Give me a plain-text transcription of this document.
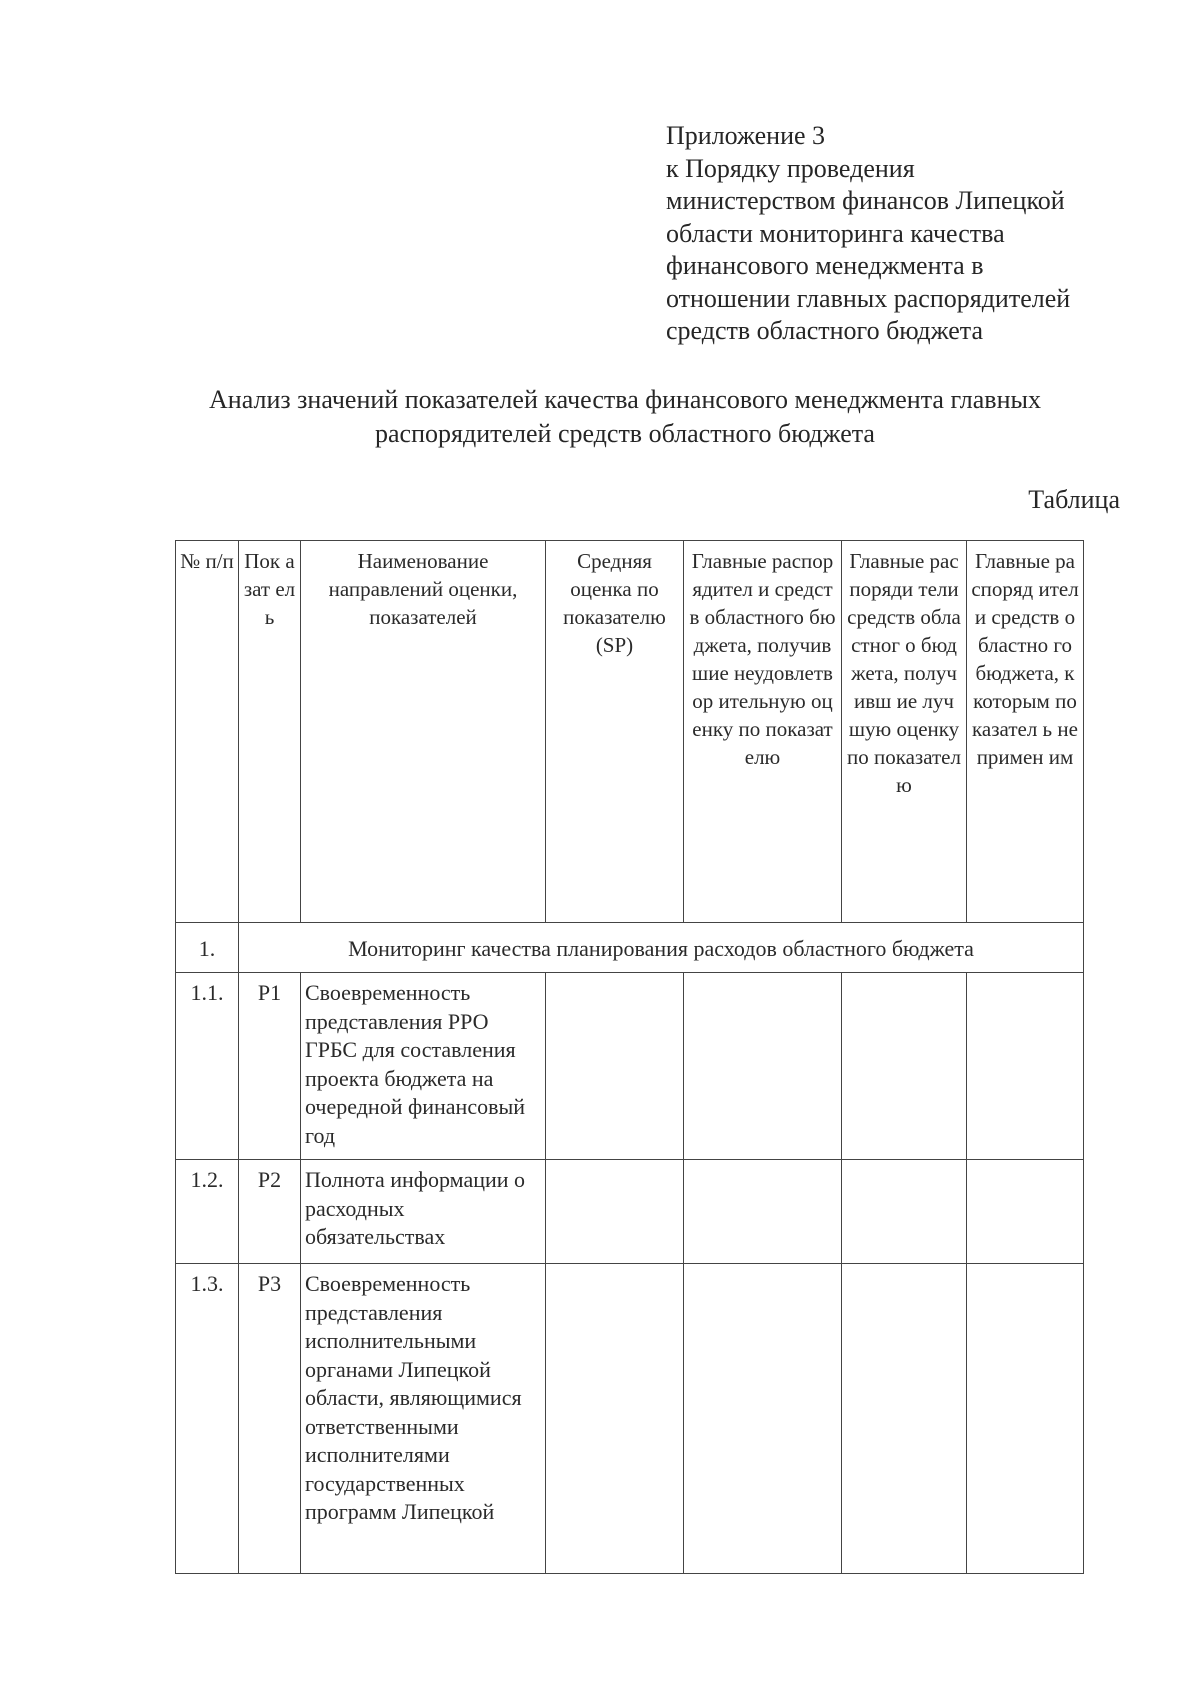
Приложение 3
к Порядку проведения
министерством финансов Липецкой
области мониторинга качества
финансового менеджмента в
отношении главных распорядителей
средств областного бюджета
Анализ значений показателей качества финансового менеджмента главных
распорядителей средств областного бюджета
Таблица
№ п/п	Пок азат ель	Наименование направлений оценки, показателей	Средняя оценка по показателю (SP)	Главные распорядител и средств областного бюджета, получившие неудовлетвор ительную оценку по показателю	Главные распоряди тели средств областног о бюджета, получивш ие лучшую оценку по показател ю	Главные распоряд ители средств областно го бюджета, к которым показател ь непримен им
1.	Мониторинг качества планирования расходов областного бюджета					
1.1.	P1	Своевременность представления РРО ГРБС для составления проекта бюджета на очередной финансовый год				
1.2.	P2	Полнота информации о расходных обязательствах				
1.3.	P3	Своевременность представления исполнительными органами Липецкой области, являющимися ответственными исполнителями государственных программ Липецкой				
